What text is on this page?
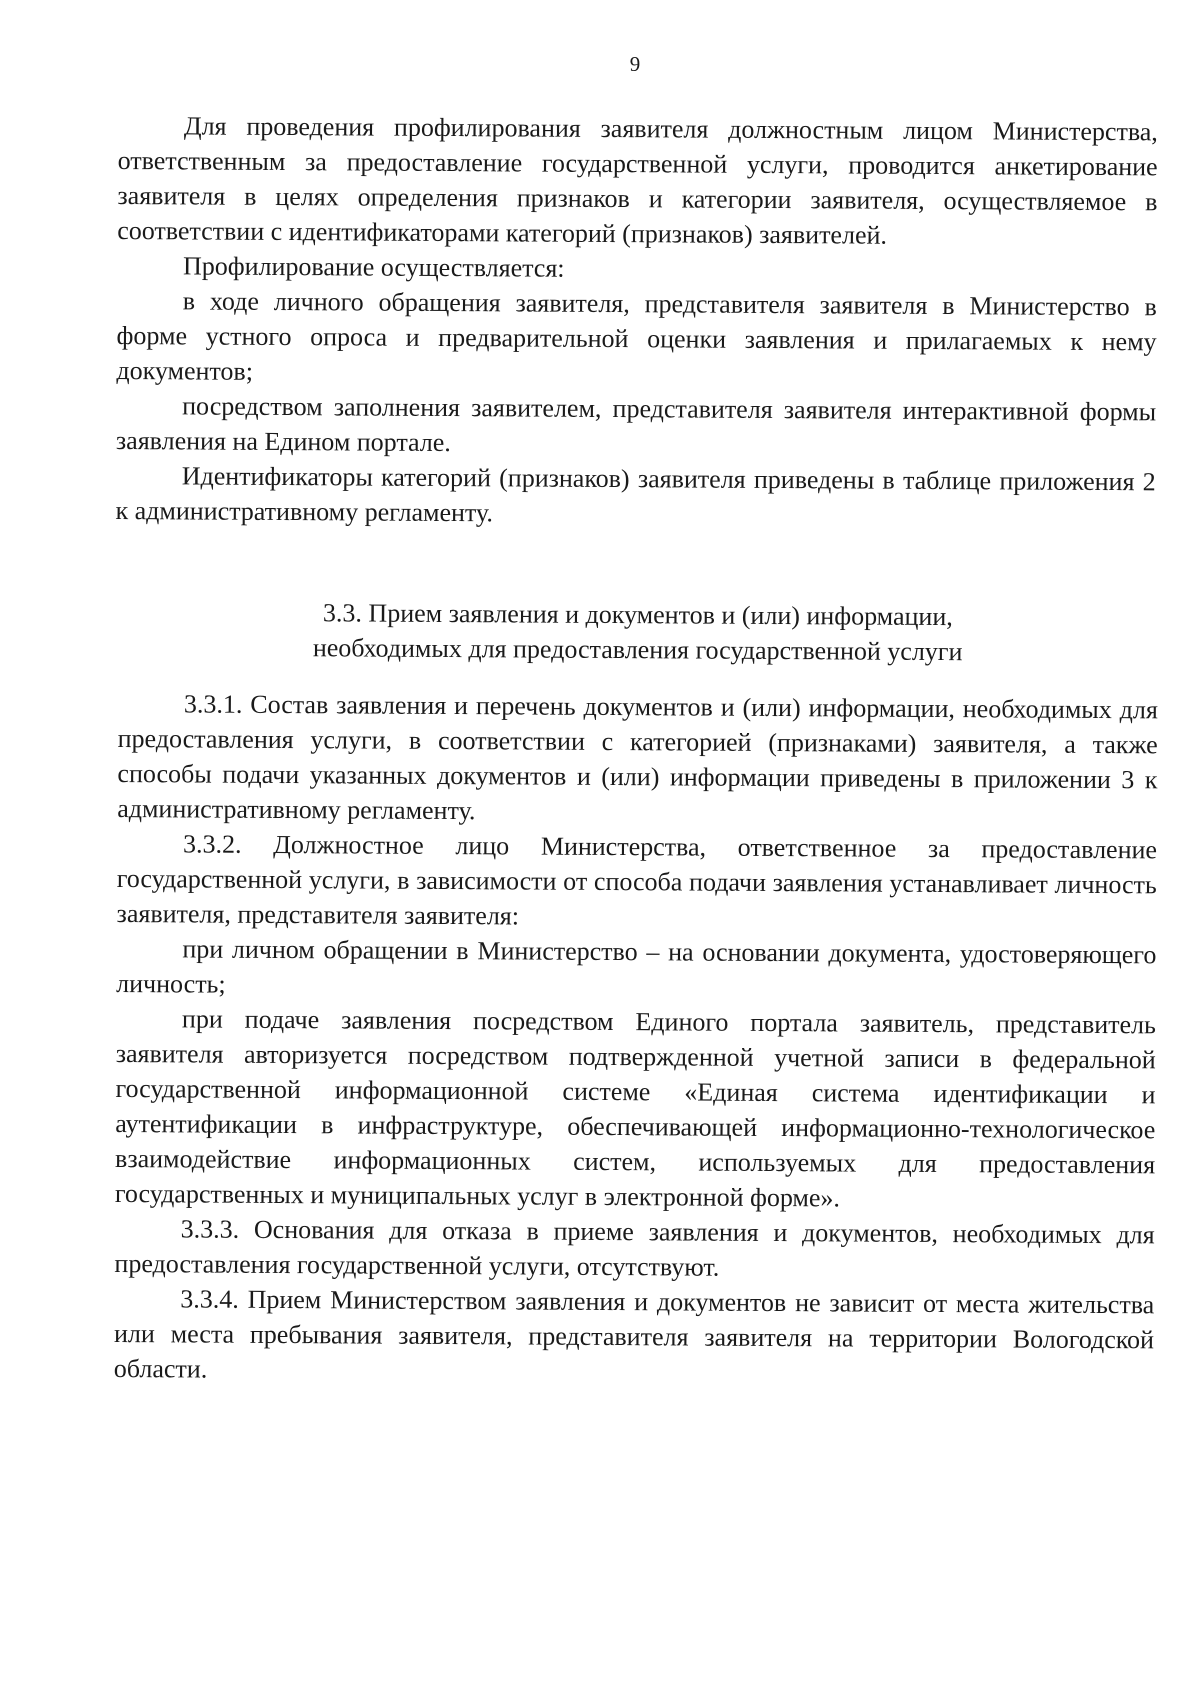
9

Для проведения профилирования заявителя должностным лицом Министерства, ответственным за предоставление государственной услуги, проводится анкетирование заявителя в целях определения признаков и категории заявителя, осуществляемое в соответствии с идентификаторами категорий (признаков) заявителей.

Профилирование осуществляется:

в ходе личного обращения заявителя, представителя заявителя в Министерство в форме устного опроса и предварительной оценки заявления и прилагаемых к нему документов;

посредством заполнения заявителем, представителя заявителя интерактивной формы заявления на Едином портале.

Идентификаторы категорий (признаков) заявителя приведены в таблице приложения 2 к административному регламенту.

3.3. Прием заявления и документов и (или) информации,
необходимых для предоставления государственной услуги

3.3.1. Состав заявления и перечень документов и (или) информации, необходимых для предоставления услуги, в соответствии с категорией (признаками) заявителя, а также способы подачи указанных документов и (или) информации приведены в приложении 3 к административному регламенту.

3.3.2. Должностное лицо Министерства, ответственное за предоставление государственной услуги, в зависимости от способа подачи заявления устанавливает личность заявителя, представителя заявителя:

при личном обращении в Министерство – на основании документа, удостоверяющего личность;

при подаче заявления посредством Единого портала заявитель, представитель заявителя авторизуется посредством подтвержденной учетной записи в федеральной государственной информационной системе «Единая система идентификации и аутентификации в инфраструктуре, обеспечивающей информационно-технологическое взаимодействие информационных систем, используемых для предоставления государственных и муниципальных услуг в электронной форме».

3.3.3. Основания для отказа в приеме заявления и документов, необходимых для предоставления государственной услуги, отсутствуют.

3.3.4. Прием Министерством заявления и документов не зависит от места жительства или места пребывания заявителя, представителя заявителя на территории Вологодской области.
